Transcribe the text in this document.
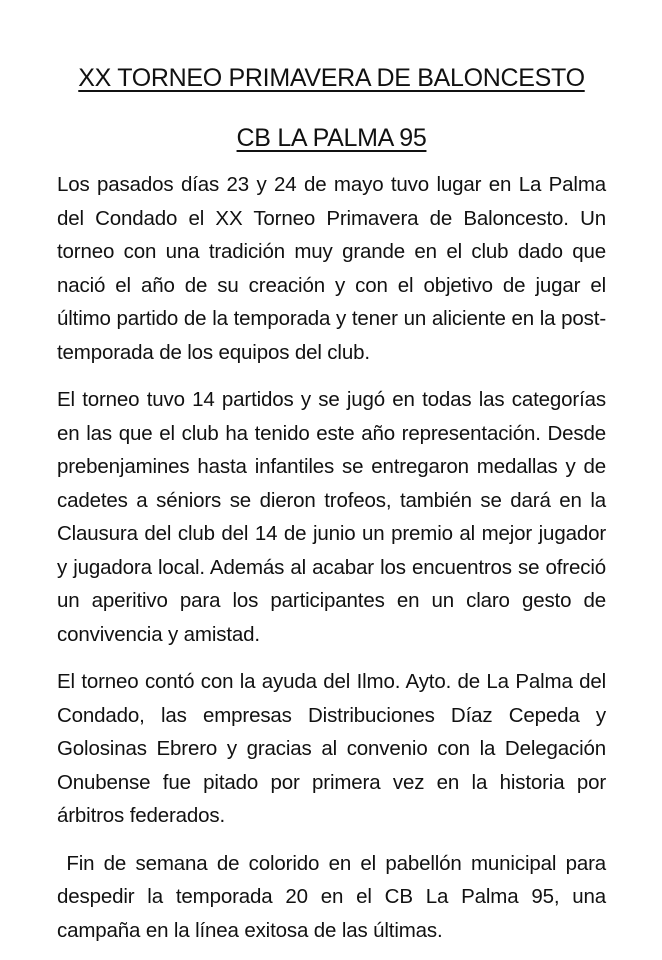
XX TORNEO PRIMAVERA DE BALONCESTO
CB LA PALMA 95

Los pasados días 23 y 24 de mayo tuvo lugar en La Palma del Condado el XX Torneo Primavera de Baloncesto. Un torneo con una tradición muy grande en el club dado que nació el año de su creación y con el objetivo de jugar el último partido de la temporada y tener un aliciente en la post-temporada de los equipos del club.

El torneo tuvo 14 partidos y se jugó en todas las categorías en las que el club ha tenido este año representación. Desde prebenjamines hasta infantiles se entregaron medallas y de cadetes a séniors se dieron trofeos, también se dará en la Clausura del club del 14 de junio un premio al mejor jugador y jugadora local. Además al acabar los encuentros se ofreció un aperitivo para los participantes en un claro gesto de convivencia y amistad.

El torneo contó con la ayuda del Ilmo. Ayto. de La Palma del Condado, las empresas Distribuciones Díaz Cepeda y Golosinas Ebrero y gracias al convenio con la Delegación Onubense fue pitado por primera vez en la historia por árbitros federados.

Fin de semana de colorido en el pabellón municipal para despedir la temporada 20 en el CB La Palma 95, una campaña en la línea exitosa de las últimas.
